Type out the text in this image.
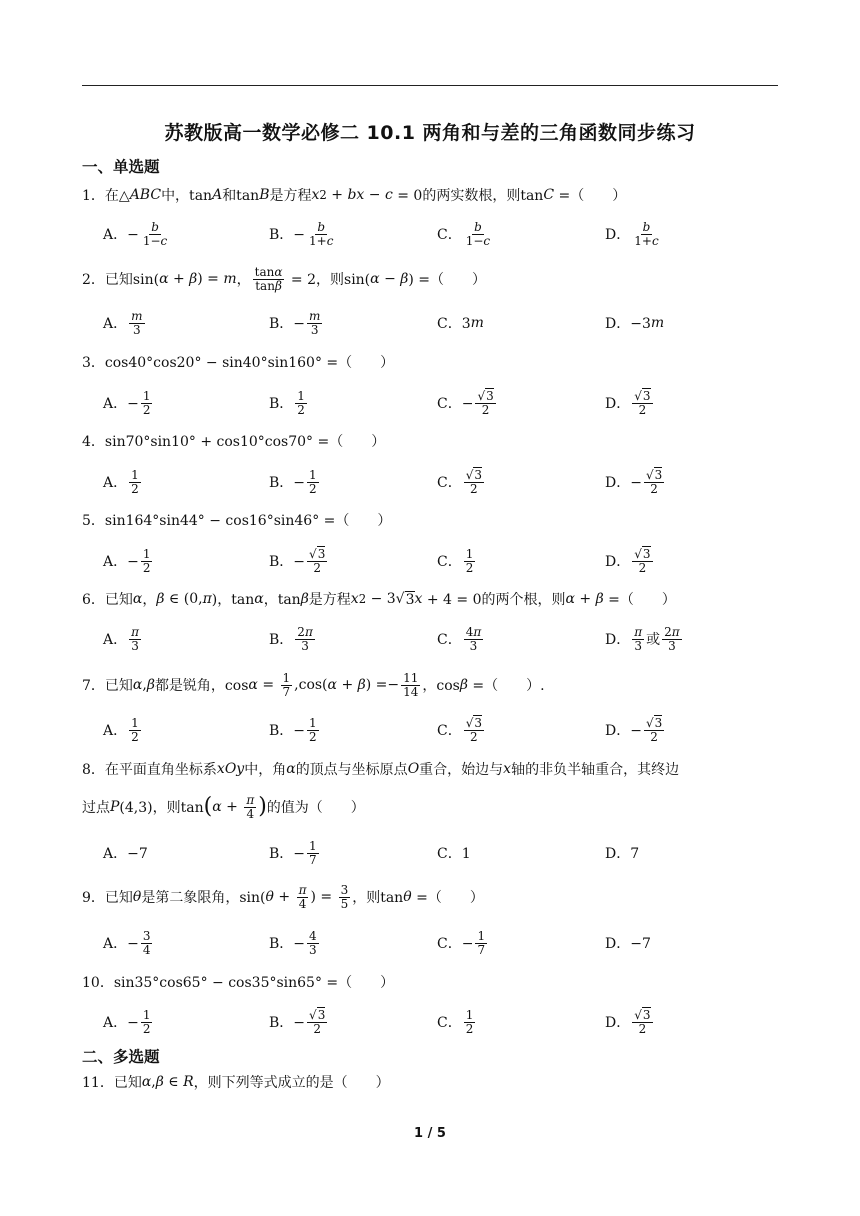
苏教版高一数学必修二 10.1 两角和与差的三角函数同步练习
一、单选题
1．在△ ABC 中，tan A 和tan B 是方程 x 2 + bx − c = 0的两实数根，则tan C =（　　）
A．− $\frac{b}{1-c}$	B．− $\frac{b}{1+c}$	C． $\frac{b}{1-c}$	D． $\frac{b}{1+c}$
2．已知sin( α + β ) = m ， $\frac{\tan\alpha}{\tan\beta} = 2$，则sin( α − β ) =（　　）
A． $\frac{m}{3}$	B．− $\frac{m}{3}$	C．3 m	D．−3 m
3．cos40°cos20° − sin40°sin160° =（　　）
A．− $\frac{1}{2}$	B． $\frac{1}{2}$	C．− $\frac{√3}{2}$	D． $\frac{√3}{2}$
4．sin70°sin10° + cos10°cos70° =（　　）
A． $\frac{1}{2}$	B．− $\frac{1}{2}$	C． $\frac{√3}{2}$	D．− $\frac{√3}{2}$
5．sin164°sin44° − cos16°sin46° =（　　）
A．− $\frac{1}{2}$	B．− $\frac{√3}{2}$	C． $\frac{1}{2}$	D． $\frac{√3}{2}$
6．已知 α ， β ∈ (0, π )，tan α ，tan β 是方程 x 2 − 3√ 3 x + 4 = 0的两个根，则 α + β =（　　）
A． $\frac{\pi}{3}$	B． $\frac{2\pi}{3}$	C． $\frac{4\pi}{3}$	D． $\frac{\pi}{3}$ 或 $\frac{2\pi}{3}$
7．已知 α , β 都是锐角，$\cos \alpha = \frac{1}{7} ,\cos$( α + β ) =− $\frac{11}{14}$ ，cos β =（　　）.
A． $\frac{1}{2}$	B．− $\frac{1}{2}$	C． $\frac{√3}{2}$	D．− $\frac{√3}{2}$
8．在平面直角坐标系 xOy 中，角 α 的顶点与坐标原点 O 重合，始边与 x 轴的非负半轴重合，其终边
过点 P (4,3)，则tan ( $\alpha + \frac{\pi}{4}$ ) 的值为（　　）
A．−7	B．− $\frac{1}{7}$	C．1	D．7
9．已知 θ 是第二象限角，sin( $\theta + \frac{\pi}{4}$ ) = $\frac{3}{5}$ ，则tan θ =（　　）
A．− $\frac{3}{4}$	B．− $\frac{4}{3}$	C．− $\frac{1}{7}$	D．−7
10．sin35°cos65° − cos35°sin65° =（　　）
A．− $\frac{1}{2}$	B．− $\frac{√3}{2}$	C． $\frac{1}{2}$	D． $\frac{√3}{2}$
二、多选题
11．已知 α , β ∈ R ，则下列等式成立的是（　　）
1 / 5
